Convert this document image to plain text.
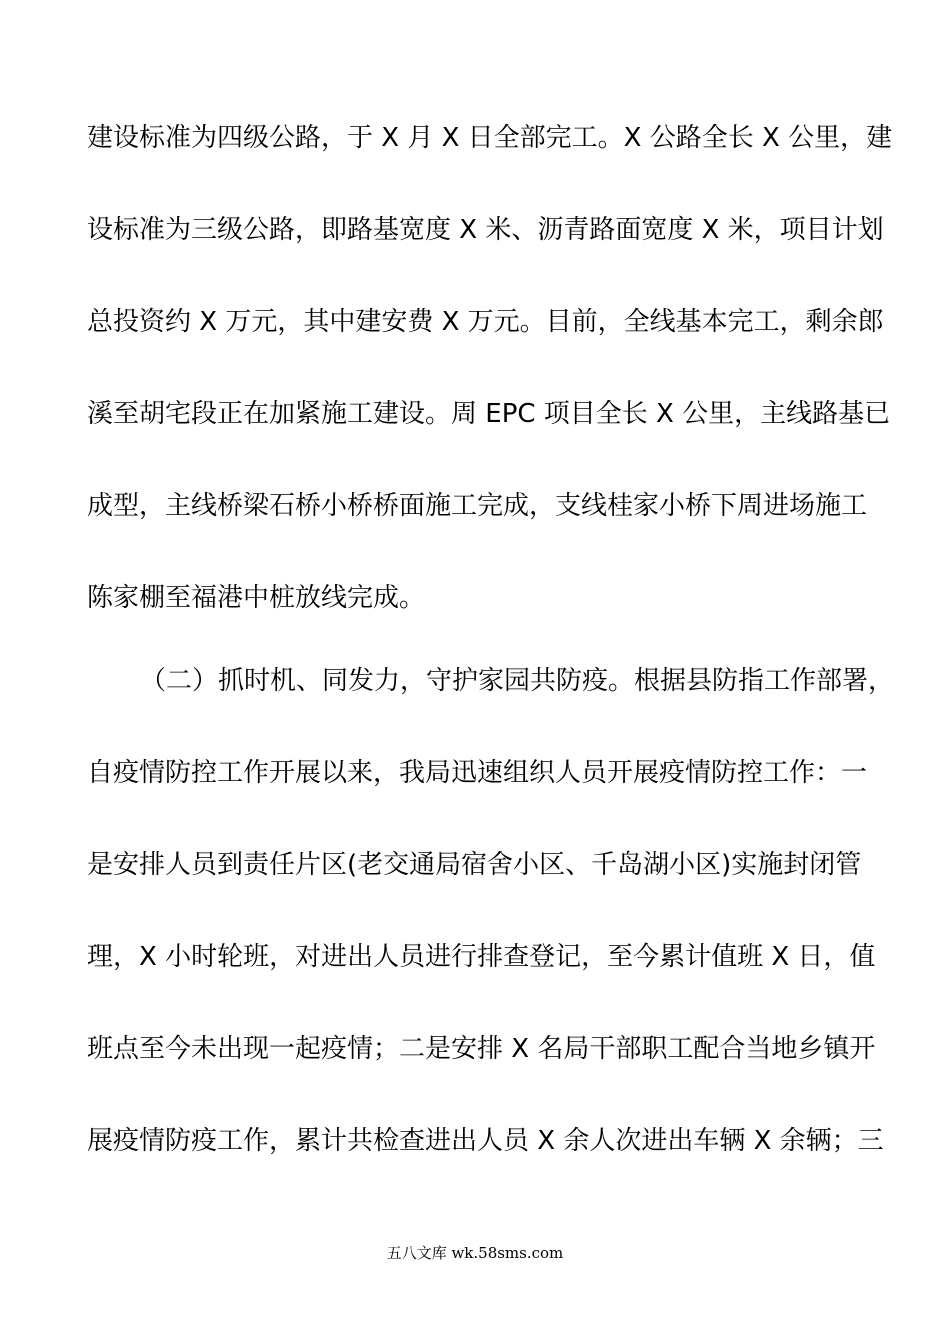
建设标准为四级公路，于 X 月 X 日全部完工。X 公路全长 X 公里，建
设标准为三级公路，即路基宽度 X 米、沥青路面宽度 X 米，项目计划
总投资约 X 万元，其中建安费 X 万元。目前，全线基本完工，剩余郎
溪至胡宅段正在加紧施工建设。周 EPC 项目全长 X 公里，主线路基已
成型，主线桥梁石桥小桥桥面施工完成，支线桂家小桥下周进场施工
陈家棚至福港中桩放线完成。
（二）抓时机、同发力，守护家园共防疫。根据县防指工作部署，
自疫情防控工作开展以来，我局迅速组织人员开展疫情防控工作：一
是安排人员到责任片区(老交通局宿舍小区、千岛湖小区)实施封闭管
理，X 小时轮班，对进出人员进行排查登记，至今累计值班 X 日，值
班点至今未出现一起疫情；二是安排 X 名局干部职工配合当地乡镇开
展疫情防疫工作，累计共检查进出人员 X 余人次进出车辆 X 余辆；三
五八文库 wk.58sms.com
